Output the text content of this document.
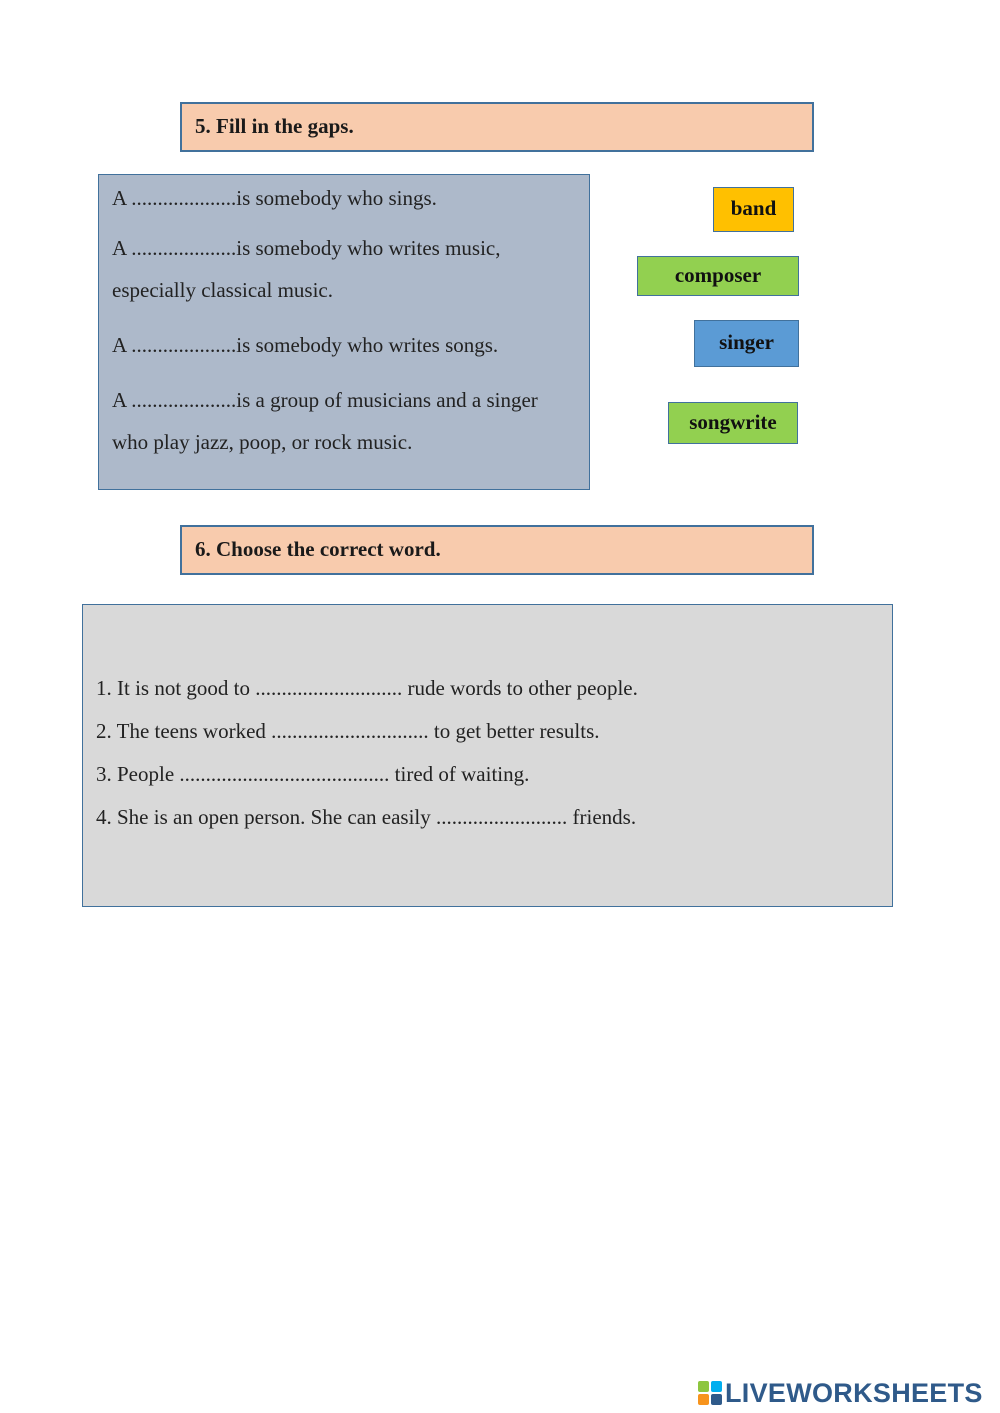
5. Fill in the gaps.

A ....................is somebody who sings.

A ....................is somebody who writes music, especially classical music.

A ....................is somebody who writes songs.

A ....................is a group of musicians and a singer who play jazz, poop, or rock music.

band
composer
singer
songwrite
6. Choose the correct word.

1. It is not good to ............................ rude words to other people.

2. The teens worked .............................. to get better results.

3. People ........................................ tired of waiting.

4. She is an open person. She can easily ......................... friends.

LIVEWORKSHEETS
